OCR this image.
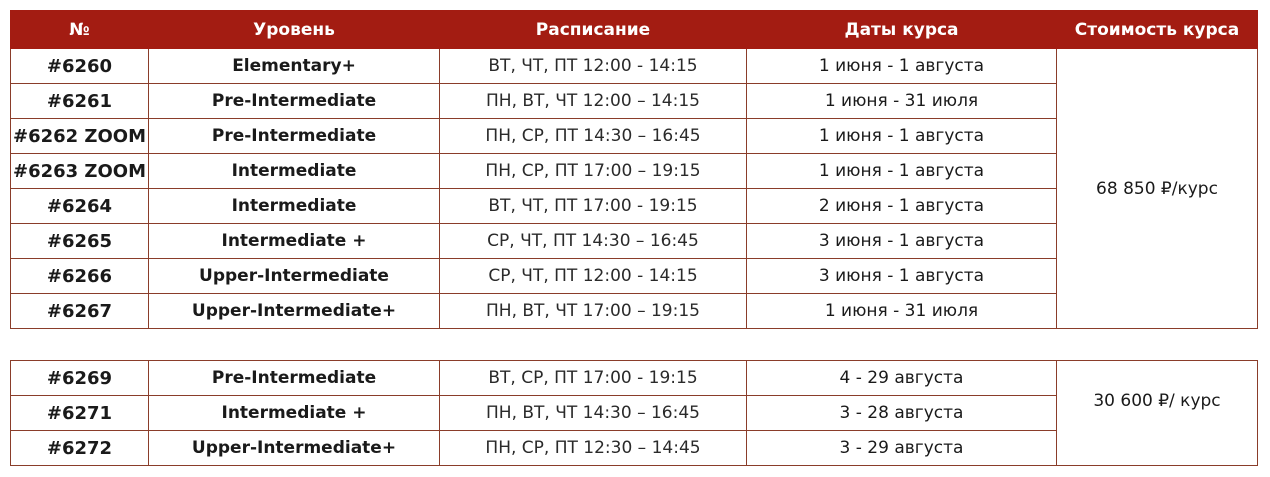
№	Уровень	Расписание	Даты курса	Стоимость курса
#6260	Elementary+	ВТ, ЧТ, ПТ 12:00 - 14:15	1 июня - 1 августа	68 850 ₽/курс
#6261	Pre-Intermediate	ПН, ВТ, ЧТ 12:00 – 14:15	1 июня - 31 июля	
#6262 ZOOM	Pre-Intermediate	ПН, СР, ПТ 14:30 – 16:45	1 июня - 1 августа	
#6263 ZOOM	Intermediate	ПН, СР, ПТ 17:00 – 19:15	1 июня - 1 августа	
#6264	Intermediate	ВТ, ЧТ, ПТ 17:00 - 19:15	2 июня - 1 августа	
#6265	Intermediate +	СР, ЧТ, ПТ 14:30 – 16:45	3 июня - 1 августа	
#6266	Upper-Intermediate	СР, ЧТ, ПТ 12:00 - 14:15	3 июня - 1 августа	
#6267	Upper-Intermediate+	ПН, ВТ, ЧТ 17:00 – 19:15	1 июня - 31 июля	
#6269	Pre-Intermediate	ВТ, СР, ПТ 17:00 - 19:15	4 - 29 августа	30 600 ₽/ курс
#6271	Intermediate +	ПН, ВТ, ЧТ 14:30 – 16:45	3 - 28 августа	
#6272	Upper-Intermediate+	ПН, СР, ПТ 12:30 – 14:45	3 - 29 августа	
